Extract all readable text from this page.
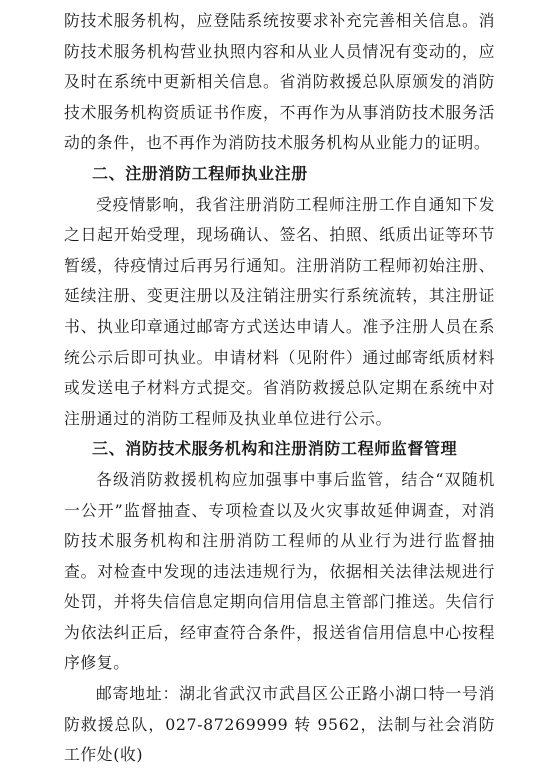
防技术服务机构，应登陆系统按要求补充完善相关信息。消防技术服务机构营业执照内容和从业人员情况有变动的，应及时在系统中更新相关信息。省消防救援总队原颁发的消防技术服务机构资质证书作废，不再作为从事消防技术服务活动的条件，也不再作为消防技术服务机构从业能力的证明。

二、注册消防工程师执业注册

受疫情影响，我省注册消防工程师注册工作自通知下发之日起开始受理，现场确认、签名、拍照、纸质出证等环节暂缓，待疫情过后再另行通知。注册消防工程师初始注册、延续注册、变更注册以及注销注册实行系统流转，其注册证书、执业印章通过邮寄方式送达申请人。准予注册人员在系统公示后即可执业。申请材料（见附件）通过邮寄纸质材料或发送电子材料方式提交。省消防救援总队定期在系统中对注册通过的消防工程师及执业单位进行公示。

三、消防技术服务机构和注册消防工程师监督管理

各级消防救援机构应加强事中事后监管，结合“双随机 一公开”监督抽查、专项检查以及火灾事故延伸调查，对消防技术服务机构和注册消防工程师的从业行为进行监督抽查。对检查中发现的违法违规行为，依据相关法律法规进行处罚，并将失信信息定期向信用信息主管部门推送。失信行为依法纠正后，经审查符合条件，报送省信用信息中心按程序修复。

邮寄地址：湖北省武汉市武昌区公正路小湖口特一号消防救援总队，027-87269999 转 9562，法制与社会消防工作处(收)
